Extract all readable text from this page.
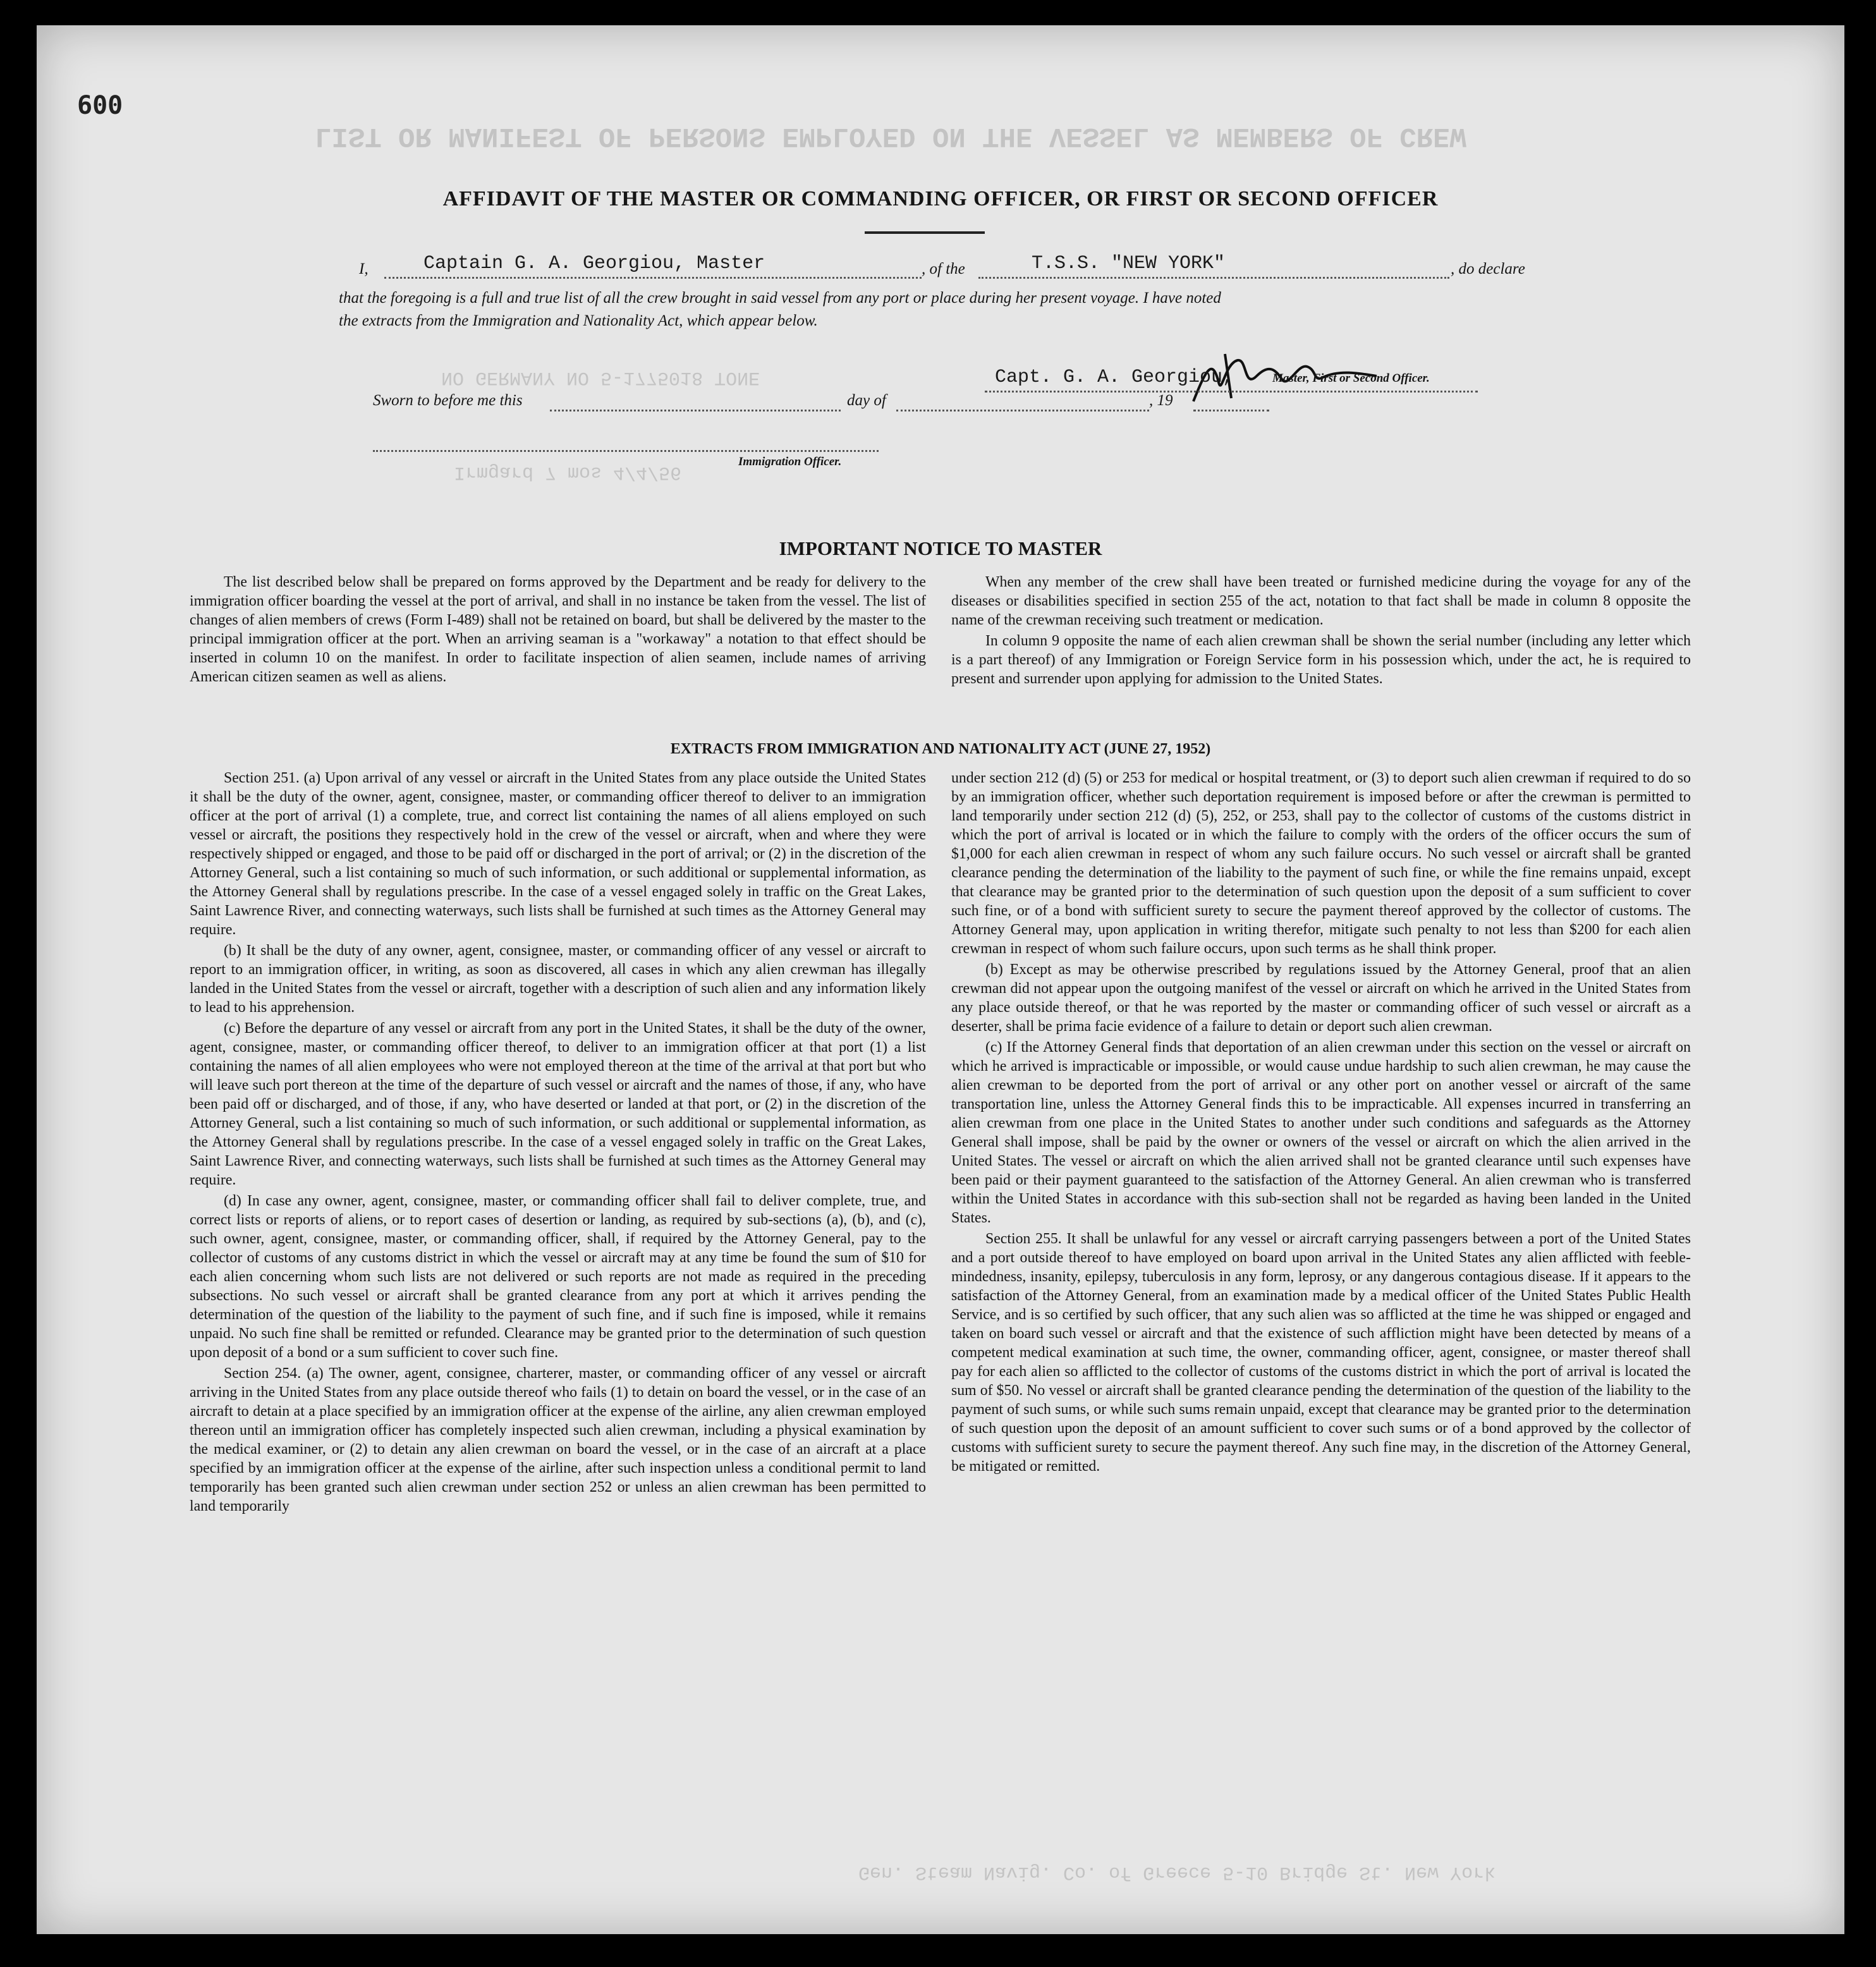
LIST OR MANIFEST OF PERSONS EMPLOYED ON THE VESSEL AS MEMBERS OF CREW
NO GERMANY NO 5-1775018 TONE
Irmgard 7 mos 4/4/56
Gen. Steam Navig. Co. of Greece 5-10 Bridge St. New York
600
AFFIDAVIT OF THE MASTER OR COMMANDING OFFICER, OR FIRST OR SECOND OFFICER
I,	Captain G. A. Georgiou, Master	, of the	T.S.S. "NEW YORK"	, do declare
that the foregoing is a full and true list of all the crew brought in said vessel from any port or place during her present voyage. I have noted
the extracts from the Immigration and Nationality Act, which appear below.
Capt. G. A. Georgiou,	Master, First or Second Officer.
Sworn to before me this	day of	, 19
Immigration Officer.
IMPORTANT NOTICE TO MASTER

The list described below shall be prepared on forms approved by the Department and be ready for delivery to the immigration officer boarding the vessel at the port of arrival, and shall in no instance be taken from the vessel. The list of changes of alien members of crews (Form I-489) shall not be retained on board, but shall be delivered by the master to the principal immigration officer at the port. When an arriving seaman is a "workaway" a notation to that effect should be inserted in column 10 on the manifest. In order to facilitate inspection of alien seamen, include names of arriving American citizen seamen as well as aliens.

When any member of the crew shall have been treated or furnished medicine during the voyage for any of the diseases or disabilities specified in section 255 of the act, notation to that fact shall be made in column 8 opposite the name of the crewman receiving such treatment or medication.

In column 9 opposite the name of each alien crewman shall be shown the serial number (including any letter which is a part thereof) of any Immigration or Foreign Service form in his possession which, under the act, he is required to present and surrender upon applying for admission to the United States.

EXTRACTS FROM IMMIGRATION AND NATIONALITY ACT (JUNE 27, 1952)

Section 251. (a) Upon arrival of any vessel or aircraft in the United States from any place outside the United States it shall be the duty of the owner, agent, consignee, master, or commanding officer thereof to deliver to an immigration officer at the port of arrival (1) a complete, true, and correct list containing the names of all aliens employed on such vessel or aircraft, the positions they respectively hold in the crew of the vessel or aircraft, when and where they were respectively shipped or engaged, and those to be paid off or discharged in the port of arrival; or (2) in the discretion of the Attorney General, such a list containing so much of such information, or such additional or supplemental information, as the Attorney General shall by regulations prescribe. In the case of a vessel engaged solely in traffic on the Great Lakes, Saint Lawrence River, and connecting waterways, such lists shall be furnished at such times as the Attorney General may require.

(b) It shall be the duty of any owner, agent, consignee, master, or commanding officer of any vessel or aircraft to report to an immigration officer, in writing, as soon as discovered, all cases in which any alien crewman has illegally landed in the United States from the vessel or aircraft, together with a description of such alien and any information likely to lead to his apprehension.

(c) Before the departure of any vessel or aircraft from any port in the United States, it shall be the duty of the owner, agent, consignee, master, or commanding officer thereof, to deliver to an immigration officer at that port (1) a list containing the names of all alien employees who were not employed thereon at the time of the arrival at that port but who will leave such port thereon at the time of the departure of such vessel or aircraft and the names of those, if any, who have been paid off or discharged, and of those, if any, who have deserted or landed at that port, or (2) in the discretion of the Attorney General, such a list containing so much of such information, or such additional or supplemental information, as the Attorney General shall by regulations prescribe. In the case of a vessel engaged solely in traffic on the Great Lakes, Saint Lawrence River, and connecting waterways, such lists shall be furnished at such times as the Attorney General may require.

(d) In case any owner, agent, consignee, master, or commanding officer shall fail to deliver complete, true, and correct lists or reports of aliens, or to report cases of desertion or landing, as required by sub-sections (a), (b), and (c), such owner, agent, consignee, master, or commanding officer, shall, if required by the Attorney General, pay to the collector of customs of any customs district in which the vessel or aircraft may at any time be found the sum of $10 for each alien concerning whom such lists are not delivered or such reports are not made as required in the preceding subsections. No such vessel or aircraft shall be granted clearance from any port at which it arrives pending the determination of the question of the liability to the payment of such fine, and if such fine is imposed, while it remains unpaid. No such fine shall be remitted or refunded. Clearance may be granted prior to the determination of such question upon deposit of a bond or a sum sufficient to cover such fine.

Section 254. (a) The owner, agent, consignee, charterer, master, or commanding officer of any vessel or aircraft arriving in the United States from any place outside thereof who fails (1) to detain on board the vessel, or in the case of an aircraft to detain at a place specified by an immigration officer at the expense of the airline, any alien crewman employed thereon until an immigration officer has completely inspected such alien crewman, including a physical examination by the medical examiner, or (2) to detain any alien crewman on board the vessel, or in the case of an aircraft at a place specified by an immigration officer at the expense of the airline, after such inspection unless a conditional permit to land temporarily has been granted such alien crewman under section 252 or unless an alien crewman has been permitted to land temporarily

under section 212 (d) (5) or 253 for medical or hospital treatment, or (3) to deport such alien crewman if required to do so by an immigration officer, whether such deportation requirement is imposed before or after the crewman is permitted to land temporarily under section 212 (d) (5), 252, or 253, shall pay to the collector of customs of the customs district in which the port of arrival is located or in which the failure to comply with the orders of the officer occurs the sum of $1,000 for each alien crewman in respect of whom any such failure occurs. No such vessel or aircraft shall be granted clearance pending the determination of the liability to the payment of such fine, or while the fine remains unpaid, except that clearance may be granted prior to the determination of such question upon the deposit of a sum sufficient to cover such fine, or of a bond with sufficient surety to secure the payment thereof approved by the collector of customs. The Attorney General may, upon application in writing therefor, mitigate such penalty to not less than $200 for each alien crewman in respect of whom such failure occurs, upon such terms as he shall think proper.

(b) Except as may be otherwise prescribed by regulations issued by the Attorney General, proof that an alien crewman did not appear upon the outgoing manifest of the vessel or aircraft on which he arrived in the United States from any place outside thereof, or that he was reported by the master or commanding officer of such vessel or aircraft as a deserter, shall be prima facie evidence of a failure to detain or deport such alien crewman.

(c) If the Attorney General finds that deportation of an alien crewman under this section on the vessel or aircraft on which he arrived is impracticable or impossible, or would cause undue hardship to such alien crewman, he may cause the alien crewman to be deported from the port of arrival or any other port on another vessel or aircraft of the same transportation line, unless the Attorney General finds this to be impracticable. All expenses incurred in transferring an alien crewman from one place in the United States to another under such conditions and safeguards as the Attorney General shall impose, shall be paid by the owner or owners of the vessel or aircraft on which the alien arrived in the United States. The vessel or aircraft on which the alien arrived shall not be granted clearance until such expenses have been paid or their payment guaranteed to the satisfaction of the Attorney General. An alien crewman who is transferred within the United States in accordance with this sub-section shall not be regarded as having been landed in the United States.

Section 255. It shall be unlawful for any vessel or aircraft carrying passengers between a port of the United States and a port outside thereof to have employed on board upon arrival in the United States any alien afflicted with feeble-mindedness, insanity, epilepsy, tuberculosis in any form, leprosy, or any dangerous contagious disease. If it appears to the satisfaction of the Attorney General, from an examination made by a medical officer of the United States Public Health Service, and is so certified by such officer, that any such alien was so afflicted at the time he was shipped or engaged and taken on board such vessel or aircraft and that the existence of such affliction might have been detected by means of a competent medical examination at such time, the owner, commanding officer, agent, consignee, or master thereof shall pay for each alien so afflicted to the collector of customs of the customs district in which the port of arrival is located the sum of $50. No vessel or aircraft shall be granted clearance pending the determination of the question of the liability to the payment of such sums, or while such sums remain unpaid, except that clearance may be granted prior to the determination of such question upon the deposit of an amount sufficient to cover such sums or of a bond approved by the collector of customs with sufficient surety to secure the payment thereof. Any such fine may, in the discretion of the Attorney General, be mitigated or remitted.
